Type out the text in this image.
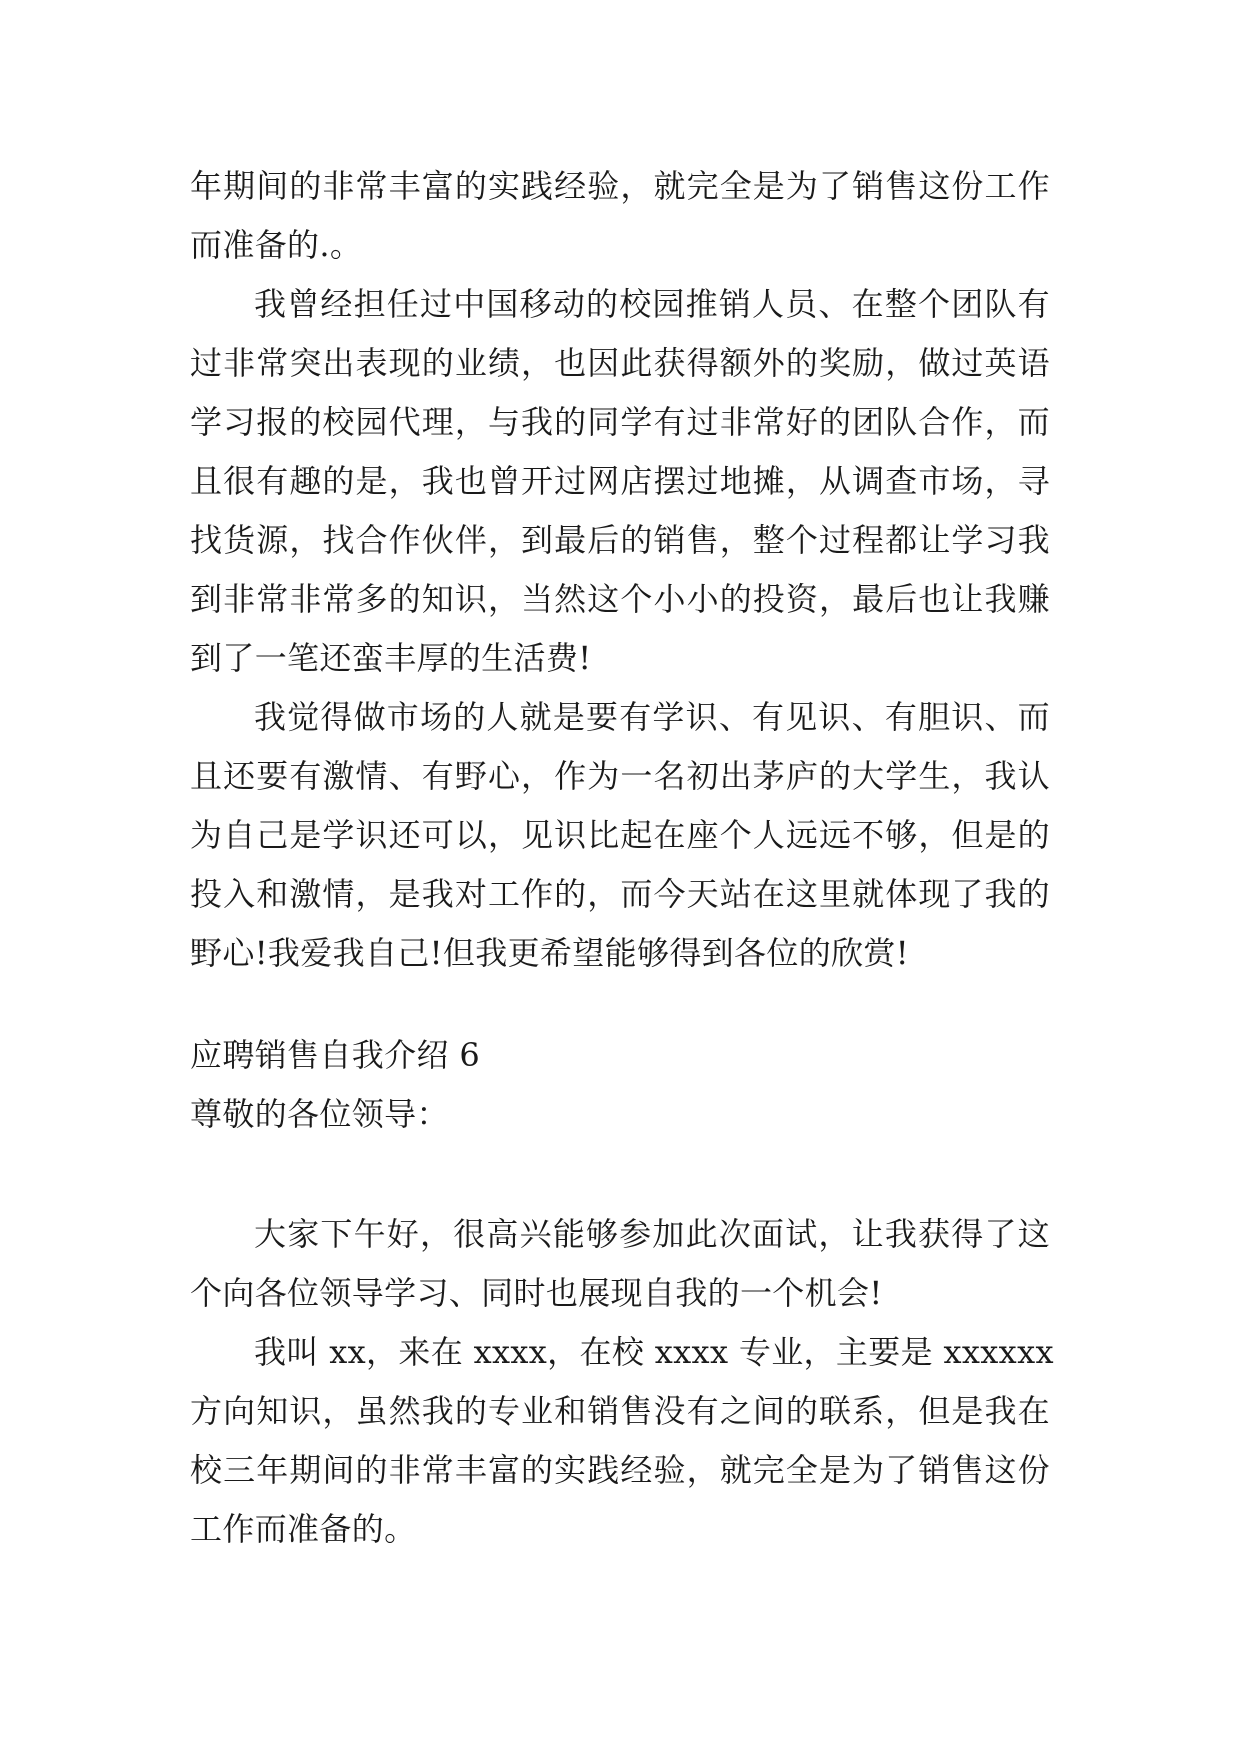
年期间的非常丰富的实践经验，就完全是为了销售这份工作
而准备的.。
我曾经担任过中国移动的校园推销人员、在整个团队有
过非常突出表现的业绩，也因此获得额外的奖励，做过英语
学习报的校园代理，与我的同学有过非常好的团队合作，而
且很有趣的是，我也曾开过网店摆过地摊，从调查市场，寻
找货源，找合作伙伴，到最后的销售，整个过程都让学习我
到非常非常多的知识，当然这个小小的投资，最后也让我赚
到了一笔还蛮丰厚的生活费!
我觉得做市场的人就是要有学识、有见识、有胆识、而
且还要有激情、有野心，作为一名初出茅庐的大学生，我认
为自己是学识还可以，见识比起在座个人远远不够，但是的
投入和激情，是我对工作的，而今天站在这里就体现了我的
野心!我爱我自己!但我更希望能够得到各位的欣赏!
应聘销售自我介绍 6
尊敬的各位领导：
大家下午好，很高兴能够参加此次面试，让我获得了这
个向各位领导学习、同时也展现自我的一个机会!
我叫 xx，来在 xxxx，在校 xxxx 专业，主要是 xxxxxx
方向知识，虽然我的专业和销售没有之间的联系，但是我在
校三年期间的非常丰富的实践经验，就完全是为了销售这份
工作而准备的。
